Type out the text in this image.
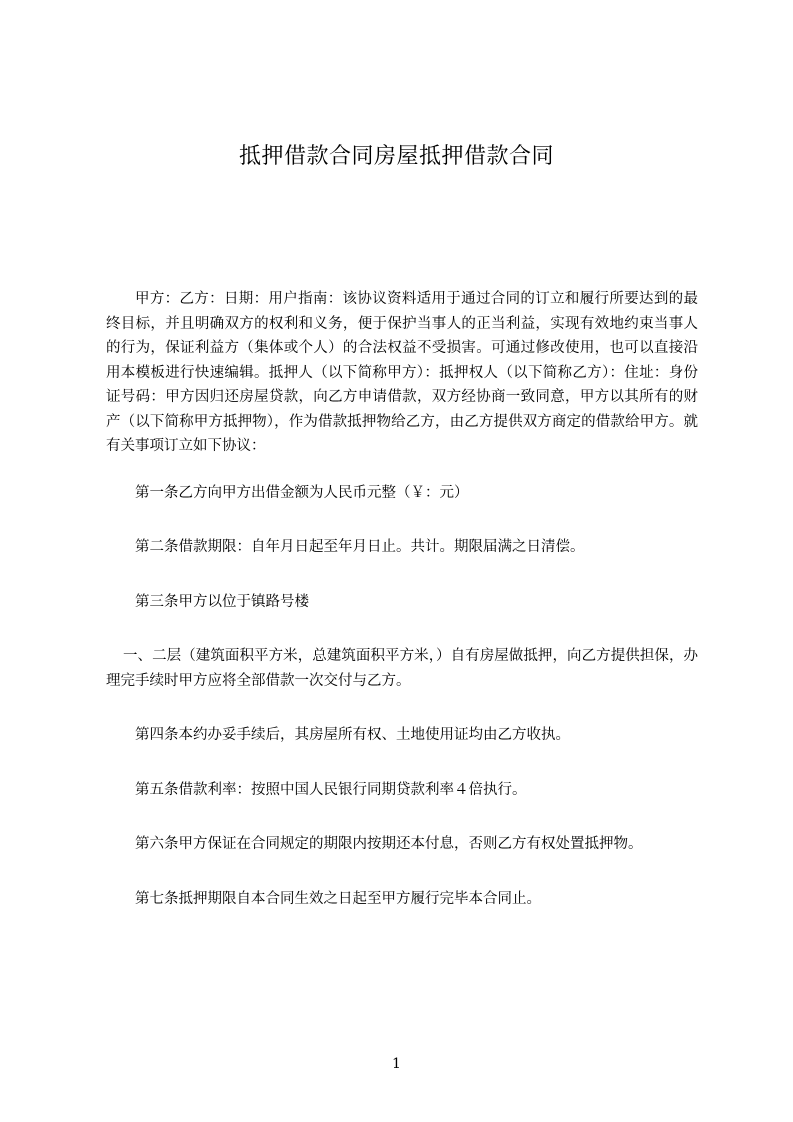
抵押借款合同房屋抵押借款合同

甲方：乙方：日期：用户指南：该协议资料适用于通过合同的订立和履行所要达到的最终目标，并且明确双方的权利和义务，便于保护当事人的正当利益，实现有效地约束当事人的行为，保证利益方（集体或个人）的合法权益不受损害。可通过修改使用，也可以直接沿用本模板进行快速编辑。抵押人（以下简称甲方）：抵押权人（以下简称乙方）：住址：身份证号码：甲方因归还房屋贷款，向乙方申请借款，双方经协商一致同意，甲方以其所有的财产（以下简称甲方抵押物），作为借款抵押物给乙方，由乙方提供双方商定的借款给甲方。就有关事项订立如下协议：

第一条乙方向甲方出借金额为人民币元整（￥：元）

第二条借款期限：自年月日起至年月日止。共计。期限届满之日清偿。

第三条甲方以位于镇路号楼

一、二层（建筑面积平方米，总建筑面积平方米，）自有房屋做抵押，向乙方提供担保，办理完手续时甲方应将全部借款一次交付与乙方。

第四条本约办妥手续后，其房屋所有权、土地使用证均由乙方收执。

第五条借款利率：按照中国人民银行同期贷款利率４倍执行。

第六条甲方保证在合同规定的期限内按期还本付息，否则乙方有权处置抵押物。

第七条抵押期限自本合同生效之日起至甲方履行完毕本合同止。

1
